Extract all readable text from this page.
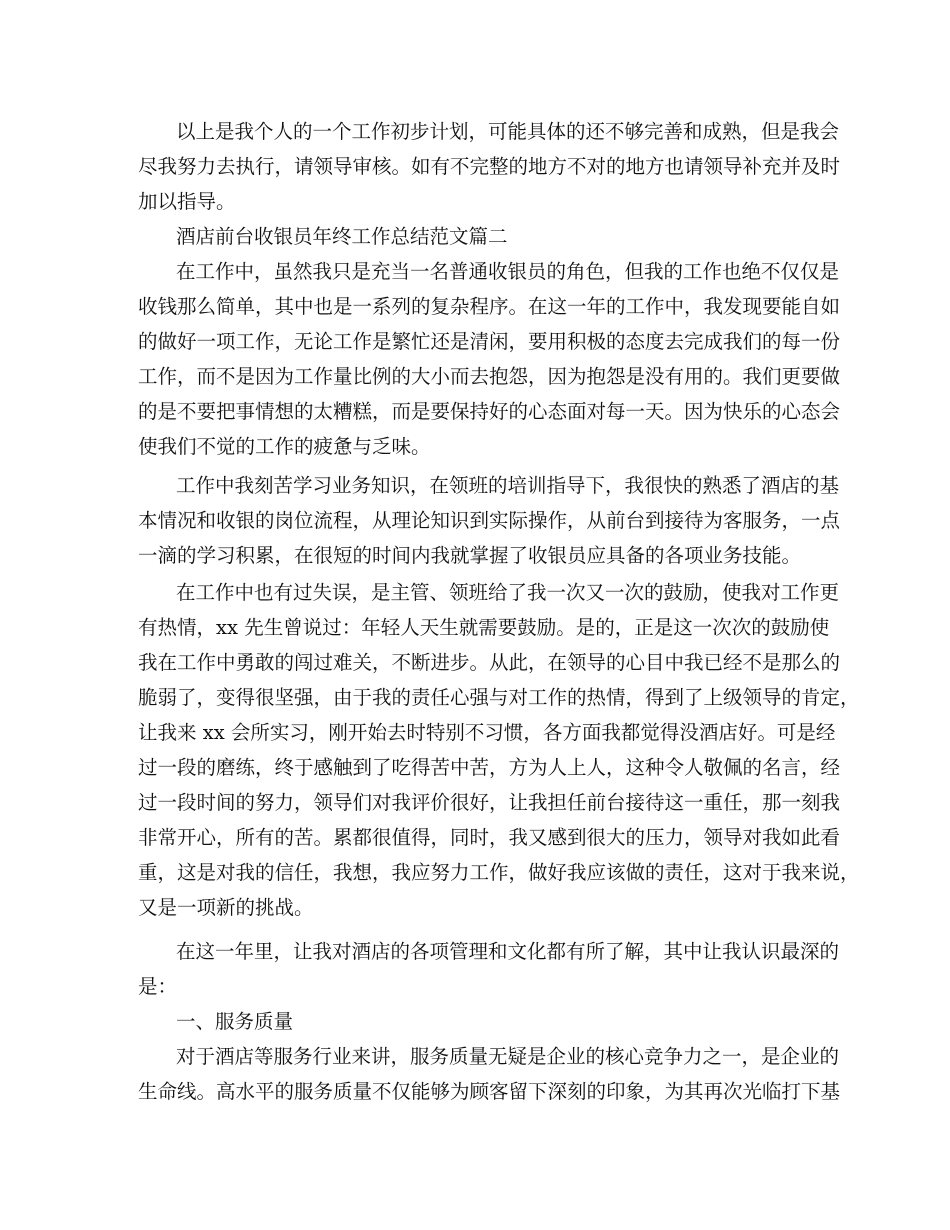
以上是我个人的一个工作初步计划，可能具体的还不够完善和成熟，但是我会
尽我努力去执行，请领导审核。如有不完整的地方不对的地方也请领导补充并及时
加以指导。
酒店前台收银员年终工作总结范文篇二
在工作中，虽然我只是充当一名普通收银员的角色，但我的工作也绝不仅仅是
收钱那么简单，其中也是一系列的复杂程序。在这一年的工作中，我发现要能自如
的做好一项工作，无论工作是繁忙还是清闲，要用积极的态度去完成我们的每一份
工作，而不是因为工作量比例的大小而去抱怨，因为抱怨是没有用的。我们更要做
的是不要把事情想的太糟糕，而是要保持好的心态面对每一天。因为快乐的心态会
使我们不觉的工作的疲惫与乏味。
工作中我刻苦学习业务知识，在领班的培训指导下，我很快的熟悉了酒店的基
本情况和收银的岗位流程，从理论知识到实际操作，从前台到接待为客服务，一点
一滴的学习积累，在很短的时间内我就掌握了收银员应具备的各项业务技能。
在工作中也有过失误，是主管、领班给了我一次又一次的鼓励，使我对工作更
有热情，xx 先生曾说过：年轻人天生就需要鼓励。是的，正是这一次次的鼓励使
我在工作中勇敢的闯过难关，不断进步。从此，在领导的心目中我已经不是那么的
脆弱了，变得很坚强，由于我的责任心强与对工作的热情，得到了上级领导的肯定，
让我来 xx 会所实习，刚开始去时特别不习惯，各方面我都觉得没酒店好。可是经
过一段的磨练，终于感触到了吃得苦中苦，方为人上人，这种令人敬佩的名言，经
过一段时间的努力，领导们对我评价很好，让我担任前台接待这一重任，那一刻我
非常开心，所有的苦。累都很值得，同时，我又感到很大的压力，领导对我如此看
重，这是对我的信任，我想，我应努力工作，做好我应该做的责任，这对于我来说，
又是一项新的挑战。
在这一年里，让我对酒店的各项管理和文化都有所了解，其中让我认识最深的
是：
一、服务质量
对于酒店等服务行业来讲，服务质量无疑是企业的核心竞争力之一，是企业的
生命线。高水平的服务质量不仅能够为顾客留下深刻的印象，为其再次光临打下基
